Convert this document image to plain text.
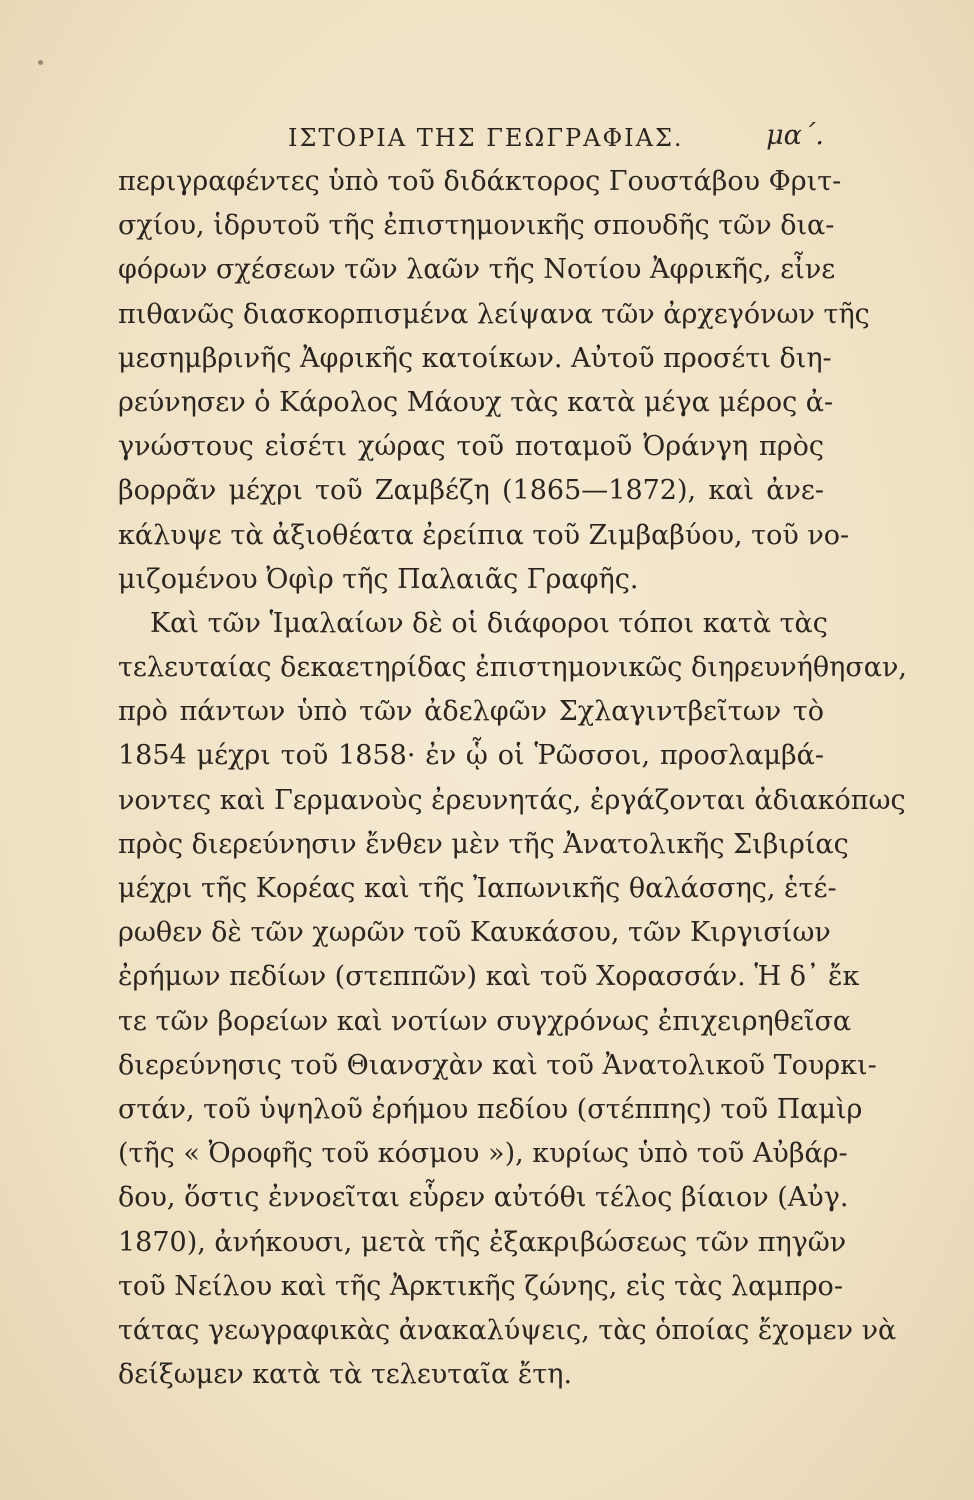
ΙΣΤΟΡΙΑ ΤΗΣ ΓΕΩΓΡΑΦΙΑΣ.	μα΄.
περιγραφέντες ὑπὸ τοῦ διδάκτορος Γουστάβου Φριτ-
σχίου, ἱδρυτοῦ τῆς ἐπιστημονικῆς σπουδῆς τῶν δια-
φόρων σχέσεων τῶν λαῶν τῆς Νοτίου Ἀφρικῆς, εἶνε
πιθανῶς διασκορπισμένα λείψανα τῶν ἀρχεγόνων τῆς
μεσημβρινῆς Ἀφρικῆς κατοίκων. Αὐτοῦ προσέτι διη-
ρεύνησεν ὁ Κάρολος Μάουχ τὰς κατὰ μέγα μέρος ἀ-
γνώστους εἰσέτι χώρας τοῦ ποταμοῦ Ὀράνγη πρὸς
βορρᾶν μέχρι τοῦ Ζαμβέζη (1865—1872), καὶ ἀνε-
κάλυψε τὰ ἀξιοθέατα ἐρείπια τοῦ Ζιμβαβύου, τοῦ νο-
μιζομένου Ὀφὶρ τῆς Παλαιᾶς Γραφῆς.
Καὶ τῶν Ἱμαλαίων δὲ οἱ διάφοροι τόποι κατὰ τὰς
τελευταίας δεκαετηρίδας ἐπιστημονικῶς διηρευνήθησαν,
πρὸ πάντων ὑπὸ τῶν ἀδελφῶν Σχλαγιντβεῖτων τὸ
1854 μέχρι τοῦ 1858· ἐν ᾧ οἱ Ῥῶσσοι, προσλαμβά-
νοντες καὶ Γερμανοὺς ἐρευνητάς, ἐργάζονται ἀδιακόπως
πρὸς διερεύνησιν ἔνθεν μὲν τῆς Ἀνατολικῆς Σιβιρίας
μέχρι τῆς Κορέας καὶ τῆς Ἰαπωνικῆς θαλάσσης, ἑτέ-
ρωθεν δὲ τῶν χωρῶν τοῦ Καυκάσου, τῶν Κιργισίων
ἐρήμων πεδίων (στεππῶν) καὶ τοῦ Χορασσάν. Ἡ δ᾽ ἔκ
τε τῶν βορείων καὶ νοτίων συγχρόνως ἐπιχειρηθεῖσα
διερεύνησις τοῦ Θιανσχὰν καὶ τοῦ Ἀνατολικοῦ Τουρκι-
στάν, τοῦ ὑψηλοῦ ἐρήμου πεδίου (στέππης) τοῦ Παμὶρ
(τῆς « Ὀροφῆς τοῦ κόσμου »), κυρίως ὑπὸ τοῦ Αὐβάρ-
δου, ὅστις ἐννοεῖται εὗρεν αὐτόθι τέλος βίαιον (Αὐγ.
1870), ἀνήκουσι, μετὰ τῆς ἐξακριβώσεως τῶν πηγῶν
τοῦ Νείλου καὶ τῆς Ἀρκτικῆς ζώνης, εἰς τὰς λαμπρο-
τάτας γεωγραφικὰς ἀνακαλύψεις, τὰς ὁποίας ἔχομεν νὰ
δείξωμεν κατὰ τὰ τελευταῖα ἔτη.
